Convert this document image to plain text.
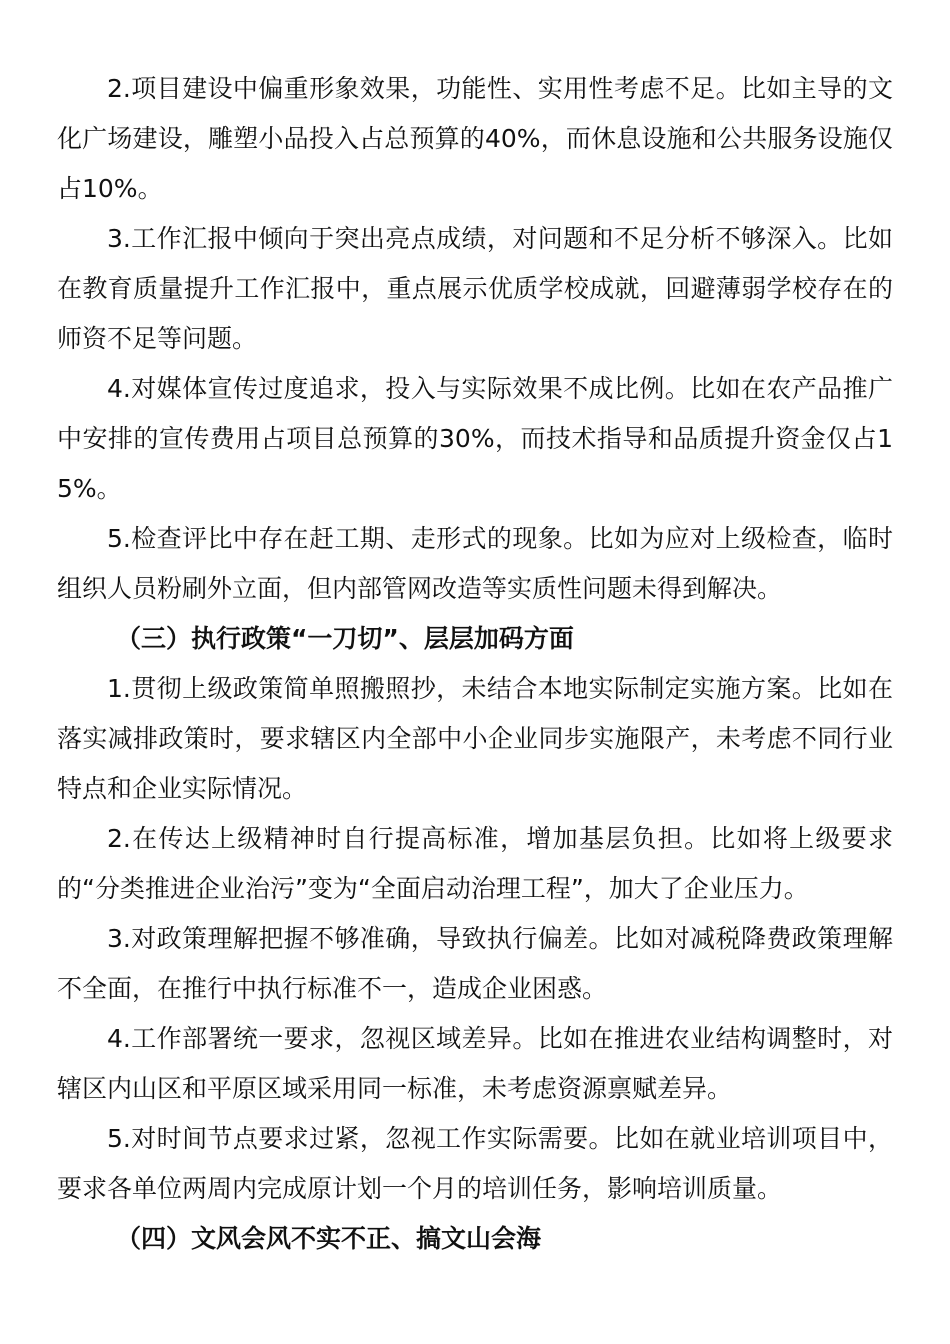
2.项目建设中偏重形象效果，功能性、实用性考虑不足。比如主导的文化广场建设，雕塑小品投入占总预算的40%，而休息设施和公共服务设施仅占10%。

3.工作汇报中倾向于突出亮点成绩，对问题和不足分析不够深入。比如在教育质量提升工作汇报中，重点展示优质学校成就，回避薄弱学校存在的师资不足等问题。

4.对媒体宣传过度追求，投入与实际效果不成比例。比如在农产品推广中安排的宣传费用占项目总预算的30%，而技术指导和品质提升资金仅占15%。

5.检查评比中存在赶工期、走形式的现象。比如为应对上级检查，临时组织人员粉刷外立面，但内部管网改造等实质性问题未得到解决。

（三）执行政策“一刀切”、层层加码方面

1.贯彻上级政策简单照搬照抄，未结合本地实际制定实施方案。比如在落实减排政策时，要求辖区内全部中小企业同步实施限产，未考虑不同行业特点和企业实际情况。

2.在传达上级精神时自行提高标准，增加基层负担。比如将上级要求的“分类推进企业治污”变为“全面启动治理工程”，加大了企业压力。

3.对政策理解把握不够准确，导致执行偏差。比如对减税降费政策理解不全面，在推行中执行标准不一，造成企业困惑。

4.工作部署统一要求，忽视区域差异。比如在推进农业结构调整时，对辖区内山区和平原区域采用同一标准，未考虑资源禀赋差异。

5.对时间节点要求过紧，忽视工作实际需要。比如在就业培训项目中，要求各单位两周内完成原计划一个月的培训任务，影响培训质量。

（四）文风会风不实不正、搞文山会海
